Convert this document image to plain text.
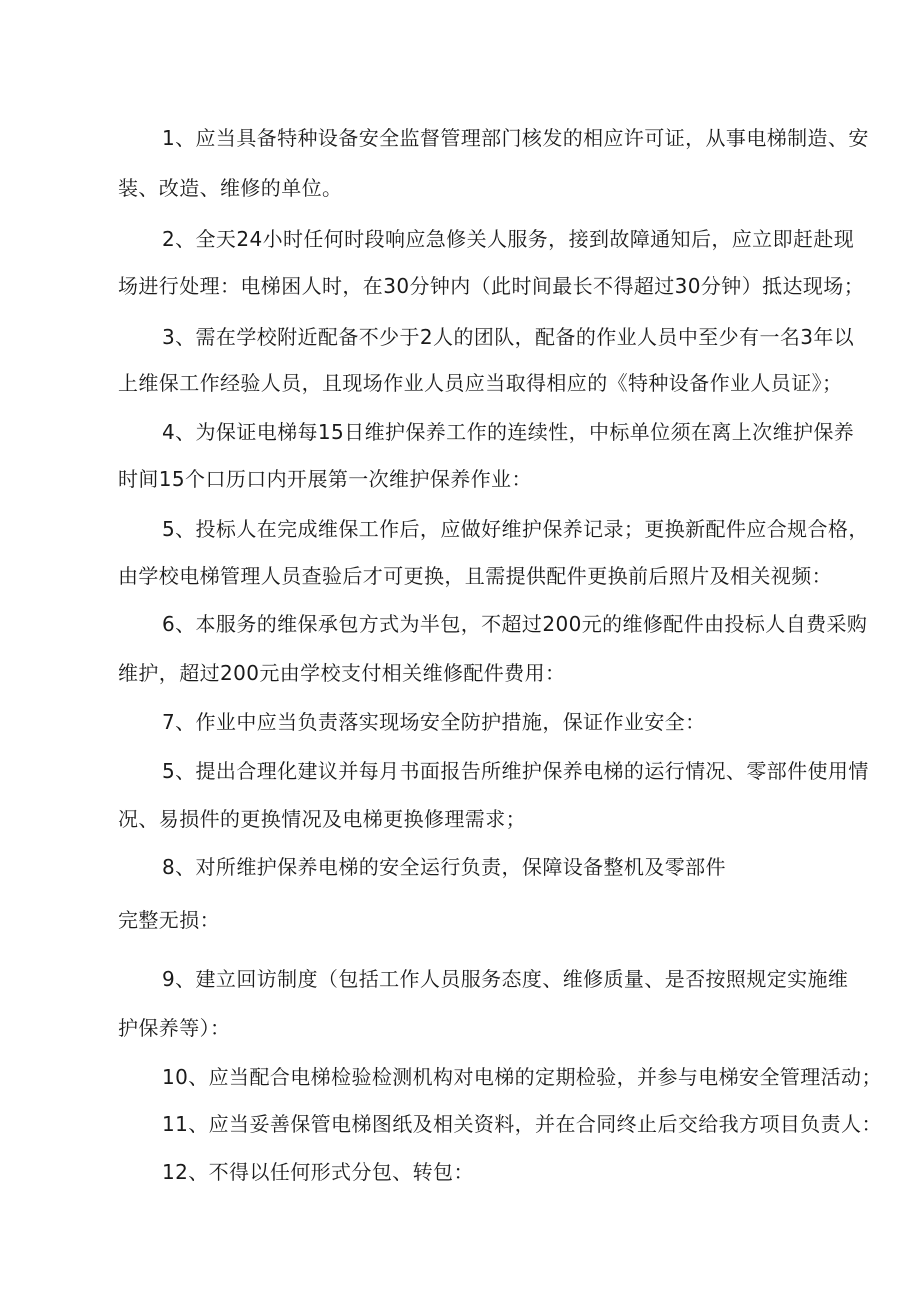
1、应当具备特种设备安全监督管理部门核发的相应许可证，从事电梯制造、安

装、改造、维修的单位。

2、全天24小时任何时段响应急修关人服务，接到故障通知后，应立即赶赴现

场进行处理：电梯困人时，在30分钟内（此时间最长不得超过30分钟）抵达现场；

3、需在学校附近配备不少于2人的团队，配备的作业人员中至少有一名3年以

上维保工作经验人员，且现场作业人员应当取得相应的《特种设备作业人员证》；

4、为保证电梯每15日维护保养工作的连续性，中标单位须在离上次维护保养

时间15个口历口内开展第一次维护保养作业：

5、投标人在完成维保工作后，应做好维护保养记录；更换新配件应合规合格，

由学校电梯管理人员查验后才可更换，且需提供配件更换前后照片及相关视频：

6、本服务的维保承包方式为半包，不超过200元的维修配件由投标人自费采购

维护，超过200元由学校支付相关维修配件费用：

7、作业中应当负责落实现场安全防护措施，保证作业安全：

5、提出合理化建议并每月书面报告所维护保养电梯的运行情况、零部件使用情

况、易损件的更换情况及电梯更换修理需求；

8、对所维护保养电梯的安全运行负责，保障设备整机及零部件

完整无损：

9、建立回访制度（包括工作人员服务态度、维修质量、是否按照规定实施维

护保养等）：

10、应当配合电梯检验检测机构对电梯的定期检验，并参与电梯安全管理活动；

11、应当妥善保管电梯图纸及相关资料，并在合同终止后交给我方项目负责人：

12、不得以任何形式分包、转包：
